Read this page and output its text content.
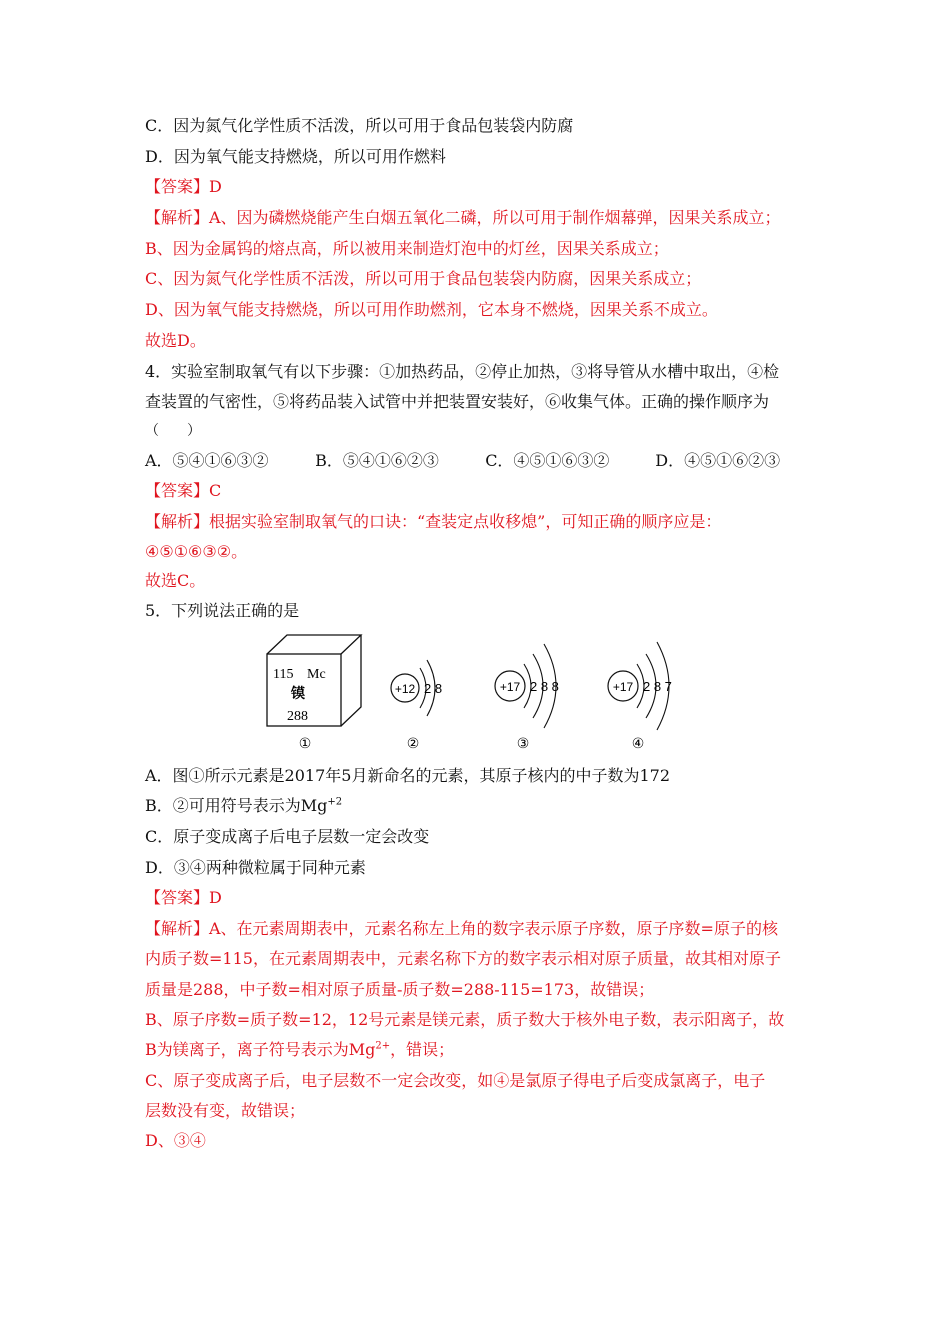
C．因为氮气化学性质不活泼，所以可用于食品包装袋内防腐
D．因为氧气能支持燃烧，所以可用作燃料
【答案】D
【解析】A、因为磷燃烧能产生白烟五氧化二磷，所以可用于制作烟幕弹，因果关系成立；
B、因为金属钨的熔点高，所以被用来制造灯泡中的灯丝，因果关系成立；
C、因为氮气化学性质不活泼，所以可用于食品包装袋内防腐，因果关系成立；
D、因为氧气能支持燃烧，所以可用作助燃剂，它本身不燃烧，因果关系不成立。
故选D。
4．实验室制取氧气有以下步骤：①加热药品，②停止加热，③将导管从水槽中取出，④检
查装置的气密性，⑤将药品装入试管中并把装置安装好，⑥收集气体。正确的操作顺序为
（　　）
A．⑤④①⑥③②	B．⑤④①⑥②③	C．④⑤①⑥③②	D．④⑤①⑥②③
【答案】C
【解析】根据实验室制取氧气的口诀：“查装定点收移熄”，可知正确的顺序应是：
④⑤①⑥③②。
故选C。
5．下列说法正确的是
115 Mc
镆
288
+12 2 8	+17 2 8 8	+17 2 8 7
①	②	③	④
A．图①所示元素是2017年5月新命名的元素，其原子核内的中子数为172
B．②可用符号表示为$Mg^{+2}$
C．原子变成离子后电子层数一定会改变
D．③④两种微粒属于同种元素
【答案】D
【解析】A、在元素周期表中，元素名称左上角的数字表示原子序数，原子序数=原子的核
内质子数=115，在元素周期表中，元素名称下方的数字表示相对原子质量，故其相对原子
质量是288，中子数=相对原子质量-质子数=288-115=173，故错误；
B、原子序数=质子数=12，12号元素是镁元素，质子数大于核外电子数，表示阳离子，故
B为镁离子，离子符号表示为$Mg^{2+}$，错误；
C、原子变成离子后，电子层数不一定会改变，如④是氯原子得电子后变成氯离子，电子
层数没有变，故错误；
D、③④
